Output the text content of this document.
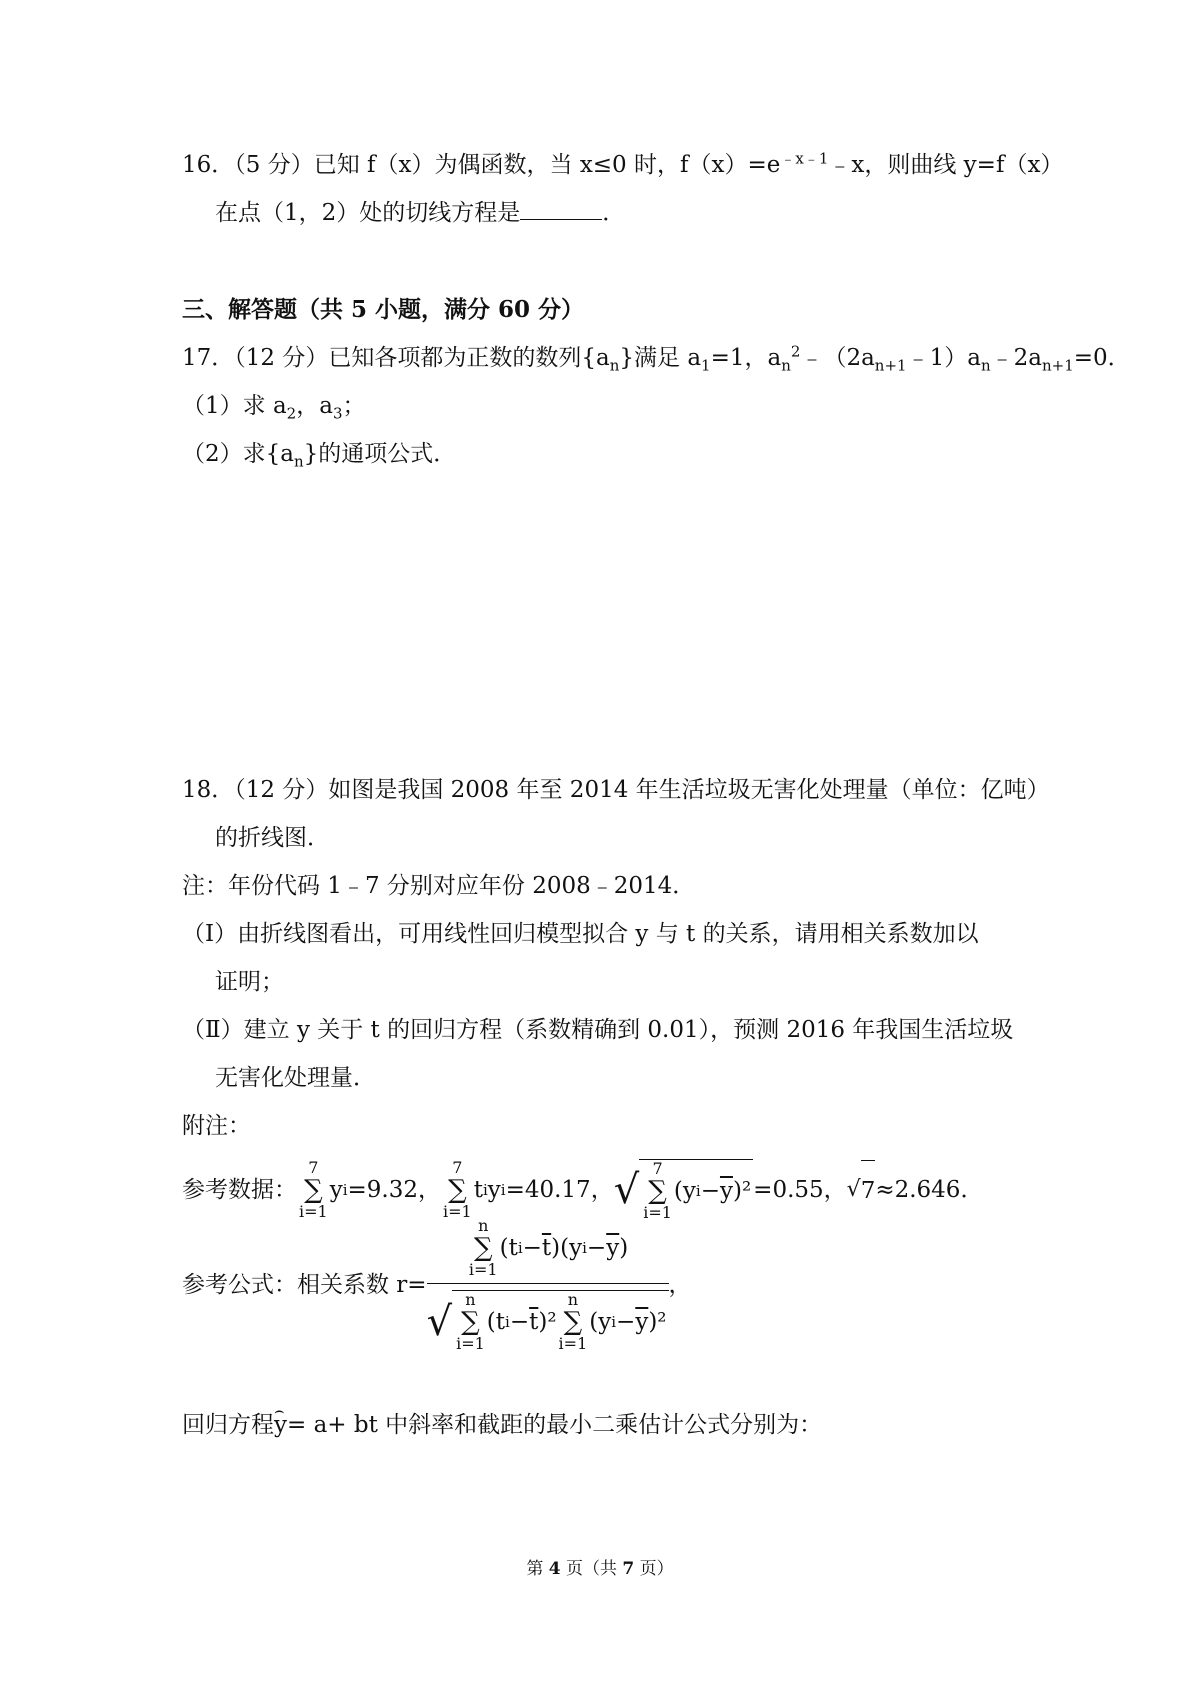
16．（5 分）已知 f（x）为偶函数，当 x≤0 时，$f(x)=e^{﹣x﹣1}﹣x$，则曲线 y=f（x）
在点（1，2）处的切线方程是	．
三、解答题（共 5 小题，满分 60 分）
17．（12 分）已知各项都为正数的数列$\{a_n\}$满足 $a_1=1$，$a_n^2﹣(2a_{n+1}﹣1)a_n﹣2a_{n+1}=0$．
（1）求 $a_2$，$a_3$；
（2）求$\{a_n\}$的通项公式．
18．（12 分）如图是我国 2008 年至 2014 年生活垃圾无害化处理量（单位：亿吨）
的折线图．
注：年份代码 1﹣7 分别对应年份 2008﹣2014．
（Ⅰ）由折线图看出，可用线性回归模型拟合 y 与 t 的关系，请用相关系数加以
证明；
（Ⅱ）建立 y 关于 t 的回归方程（系数精确到 0.01），预测 2016 年我国生活垃圾
无害化处理量．
附注：
参考数据：
7
∑
i=1
y i =9.32，
7
∑
i=1
t i y i =40.17， √ 7
∑
i=1
(y $i - \overline{y}$ )² =0.55， √ 7 ≈2.646．
参考公式：相关系数 r=
n
∑
i=1
(t $i - \overline{t}$ )(y $i - \overline{y}$ )
√ n
∑
i=1
(t $i - \overline{t}$ )²
n
∑
i=1
(y $i - \overline{y}$ )²
，
回归方程⌢ y= a+ bt 中斜率和截距的最小二乘估计公式分别为：
第 4 页（共 7 页）
